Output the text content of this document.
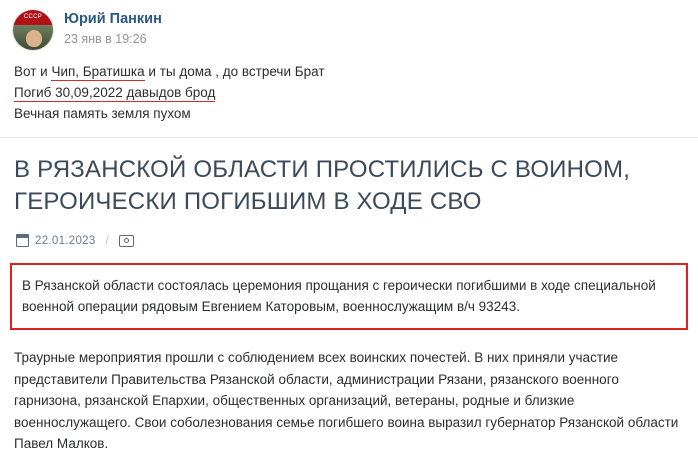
СССР	Юрий Панкин
23 янв в 19:26
Вот и Чип, Братишка и ты дома , до встречи Брат
Погиб 30,09,2022 давыдов брод
Вечная память земля пухом
В РЯЗАНСКОЙ ОБЛАСТИ ПРОСТИЛИСЬ С ВОИНОМ, ГЕРОИЧЕСКИ ПОГИБШИМ В ХОДЕ СВО
22.01.2023 /
В Рязанской области состоялась церемония прощания с героически погибшими в ходе специальной военной операции рядовым Евгением Каторовым, военнослужащим в/ч 93243.
Траурные мероприятия прошли с соблюдением всех воинских почестей. В них приняли участие представители Правительства Рязанской области, администрации Рязани, рязанского военного гарнизона, рязанской Епархии, общественных организаций, ветераны, родные и близкие военнослужащего. Свои соболезнования семье погибшего воина выразил губернатор Рязанской области Павел Малков.
